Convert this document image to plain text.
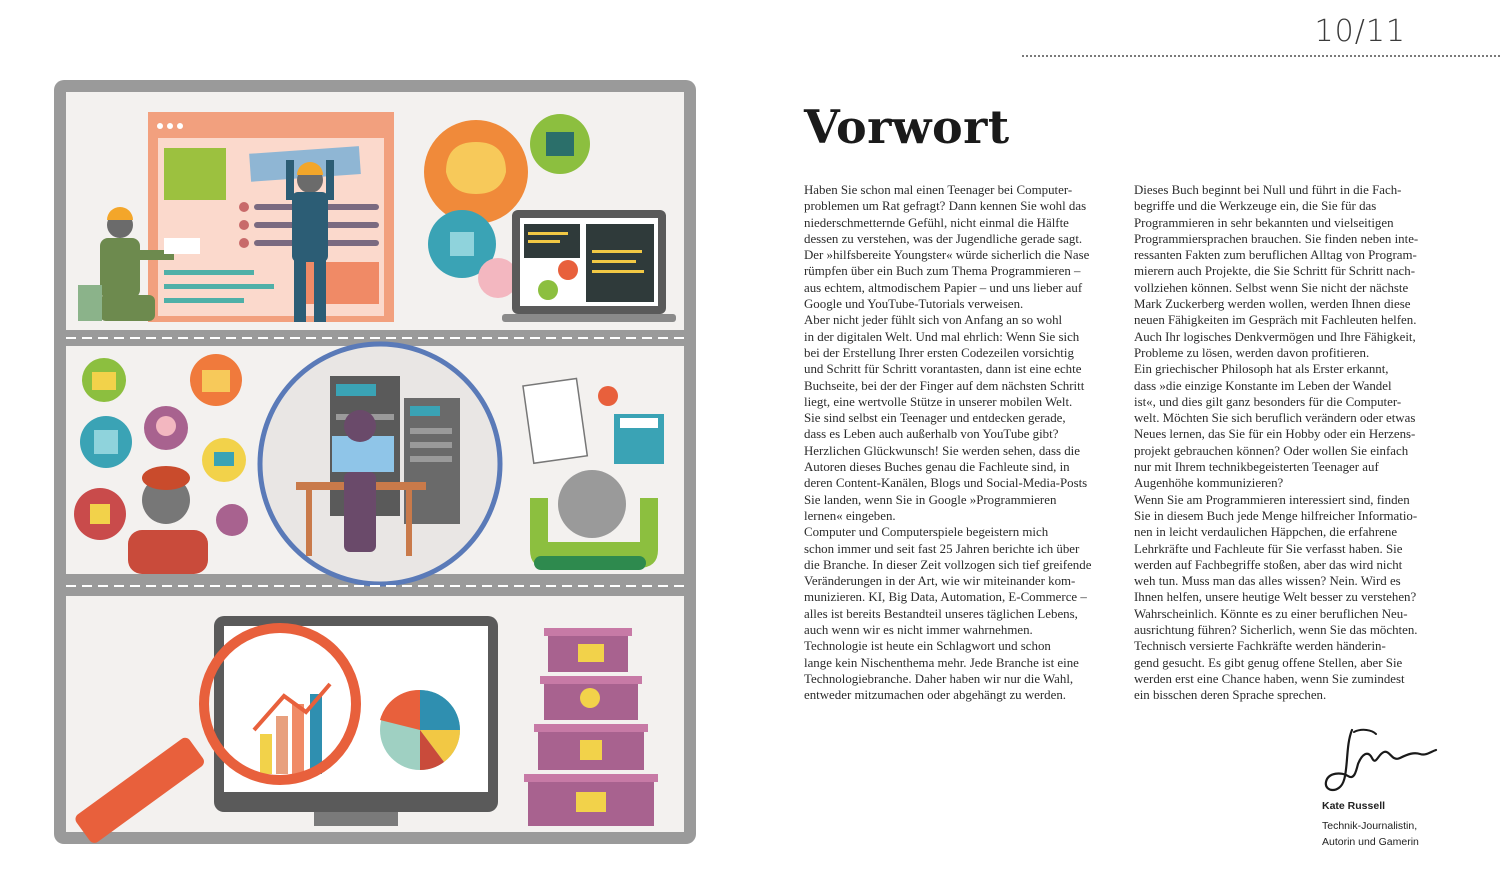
10/11
Vorwort
Haben Sie schon mal einen Teenager bei Computer-
problemen um Rat gefragt? Dann kennen Sie wohl das
niederschmetternde Gefühl, nicht einmal die Hälfte
dessen zu verstehen, was der Jugendliche gerade sagt.
Der »hilfsbereite Youngster« würde sicherlich die Nase
rümpfen über ein Buch zum Thema Programmieren –
aus echtem, altmodischem Papier – und uns lieber auf
Google und YouTube-Tutorials verweisen.
Aber nicht jeder fühlt sich von Anfang an so wohl
in der digitalen Welt. Und mal ehrlich: Wenn Sie sich
bei der Erstellung Ihrer ersten Codezeilen vorsichtig
und Schritt für Schritt vorantasten, dann ist eine echte
Buchseite, bei der der Finger auf dem nächsten Schritt
liegt, eine wertvolle Stütze in unserer mobilen Welt.
Sie sind selbst ein Teenager und entdecken gerade,
dass es Leben auch außerhalb von YouTube gibt?
Herzlichen Glückwunsch! Sie werden sehen, dass die
Autoren dieses Buches genau die Fachleute sind, in
deren Content-Kanälen, Blogs und Social-Media-Posts
Sie landen, wenn Sie in Google »Programmieren
lernen« eingeben.
Computer und Computerspiele begeistern mich
schon immer und seit fast 25 Jahren berichte ich über
die Branche. In dieser Zeit vollzogen sich tief greifende
Veränderungen in der Art, wie wir miteinander kom-
munizieren. KI, Big Data, Automation, E-Commerce –
alles ist bereits Bestandteil unseres täglichen Lebens,
auch wenn wir es nicht immer wahrnehmen.
Technologie ist heute ein Schlagwort und schon
lange kein Nischenthema mehr. Jede Branche ist eine
Technologiebranche. Daher haben wir nur die Wahl,
entweder mitzumachen oder abgehängt zu werden.
Dieses Buch beginnt bei Null und führt in die Fach-
begriffe und die Werkzeuge ein, die Sie für das
Programmieren in sehr bekannten und vielseitigen
Programmiersprachen brauchen. Sie finden neben inte-
ressanten Fakten zum beruflichen Alltag von Program-
mierern auch Projekte, die Sie Schritt für Schritt nach-
vollziehen können. Selbst wenn Sie nicht der nächste
Mark Zuckerberg werden wollen, werden Ihnen diese
neuen Fähigkeiten im Gespräch mit Fachleuten helfen.
Auch Ihr logisches Denkvermögen und Ihre Fähigkeit,
Probleme zu lösen, werden davon profitieren.
Ein griechischer Philosoph hat als Erster erkannt,
dass »die einzige Konstante im Leben der Wandel
ist«, und dies gilt ganz besonders für die Computer-
welt. Möchten Sie sich beruflich verändern oder etwas
Neues lernen, das Sie für ein Hobby oder ein Herzens-
projekt gebrauchen können? Oder wollen Sie einfach
nur mit Ihrem technikbegeisterten Teenager auf
Augenhöhe kommunizieren?
Wenn Sie am Programmieren interessiert sind, finden
Sie in diesem Buch jede Menge hilfreicher Informatio-
nen in leicht verdaulichen Häppchen, die erfahrene
Lehrkräfte und Fachleute für Sie verfasst haben. Sie
werden auf Fachbegriffe stoßen, aber das wird nicht
weh tun. Muss man das alles wissen? Nein. Wird es
Ihnen helfen, unsere heutige Welt besser zu verstehen?
Wahrscheinlich. Könnte es zu einer beruflichen Neu-
ausrichtung führen? Sicherlich, wenn Sie das möchten.
Technisch versierte Fachkräfte werden händerin-
gend gesucht. Es gibt genug offene Stellen, aber Sie
werden erst eine Chance haben, wenn Sie zumindest
ein bisschen deren Sprache sprechen.
Kate Russell
Technik-Journalistin,
Autorin und Gamerin
